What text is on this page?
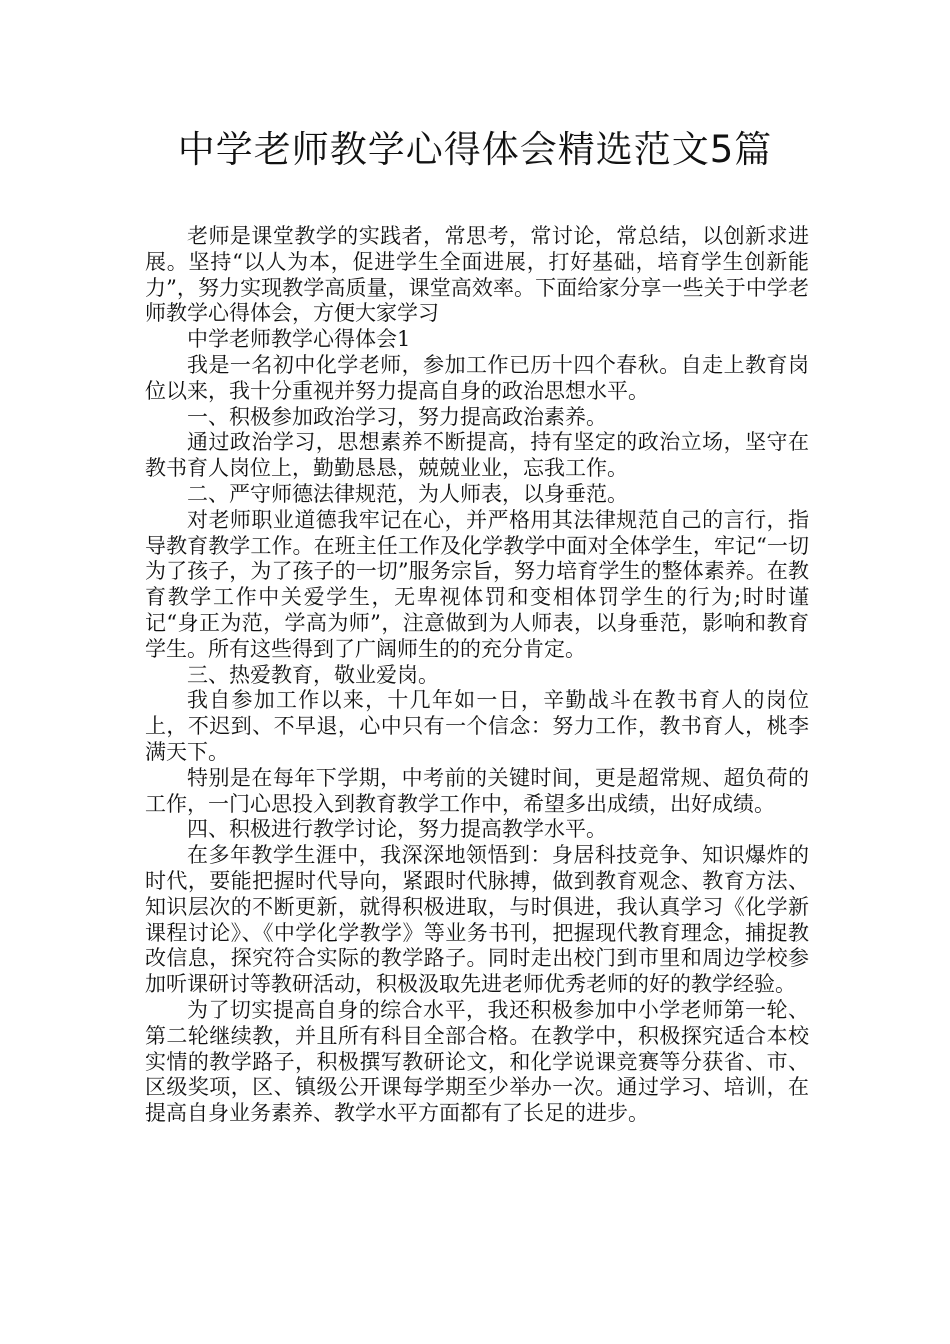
中学老师教学心得体会精选范文5篇

老师是课堂教学的实践者，常思考，常讨论，常总结，以创新求进展。坚持“以人为本，促进学生全面进展，打好基础，培育学生创新能力”，努力实现教学高质量，课堂高效率。下面给家分享一些关于中学老师教学心得体会，方便大家学习

中学老师教学心得体会1

我是一名初中化学老师，参加工作已历十四个春秋。自走上教育岗位以来，我十分重视并努力提高自身的政治思想水平。

一、积极参加政治学习，努力提高政治素养。

通过政治学习，思想素养不断提高，持有坚定的政治立场，坚守在教书育人岗位上，勤勤恳恳，兢兢业业，忘我工作。

二、严守师德法律规范，为人师表，以身垂范。

对老师职业道德我牢记在心，并严格用其法律规范自己的言行，指导教育教学工作。在班主任工作及化学教学中面对全体学生，牢记“一切为了孩子，为了孩子的一切”服务宗旨，努力培育学生的整体素养。在教育教学工作中关爱学生，无卑视体罚和变相体罚学生的行为;时时谨记“身正为范，学高为师”，注意做到为人师表，以身垂范，影响和教育学生。所有这些得到了广阔师生的的充分肯定。

三、热爱教育，敬业爱岗。

我自参加工作以来，十几年如一日，辛勤战斗在教书育人的岗位上，不迟到、不早退，心中只有一个信念：努力工作，教书育人，桃李满天下。

特别是在每年下学期，中考前的关键时间，更是超常规、超负荷的工作，一门心思投入到教育教学工作中，希望多出成绩，出好成绩。

四、积极进行教学讨论，努力提高教学水平。

在多年教学生涯中，我深深地领悟到：身居科技竞争、知识爆炸的时代，要能把握时代导向，紧跟时代脉搏，做到教育观念、教育方法、知识层次的不断更新，就得积极进取，与时俱进，我认真学习《化学新课程讨论》、《中学化学教学》等业务书刊，把握现代教育理念，捕捉教改信息，探究符合实际的教学路子。同时走出校门到市里和周边学校参加听课研讨等教研活动，积极汲取先进老师优秀老师的好的教学经验。

为了切实提高自身的综合水平，我还积极参加中小学老师第一轮、第二轮继续教，并且所有科目全部合格。在教学中，积极探究适合本校实情的教学路子，积极撰写教研论文，和化学说课竞赛等分获省、市、区级奖项，区、镇级公开课每学期至少举办一次。通过学习、培训，在提高自身业务素养、教学水平方面都有了长足的进步。
